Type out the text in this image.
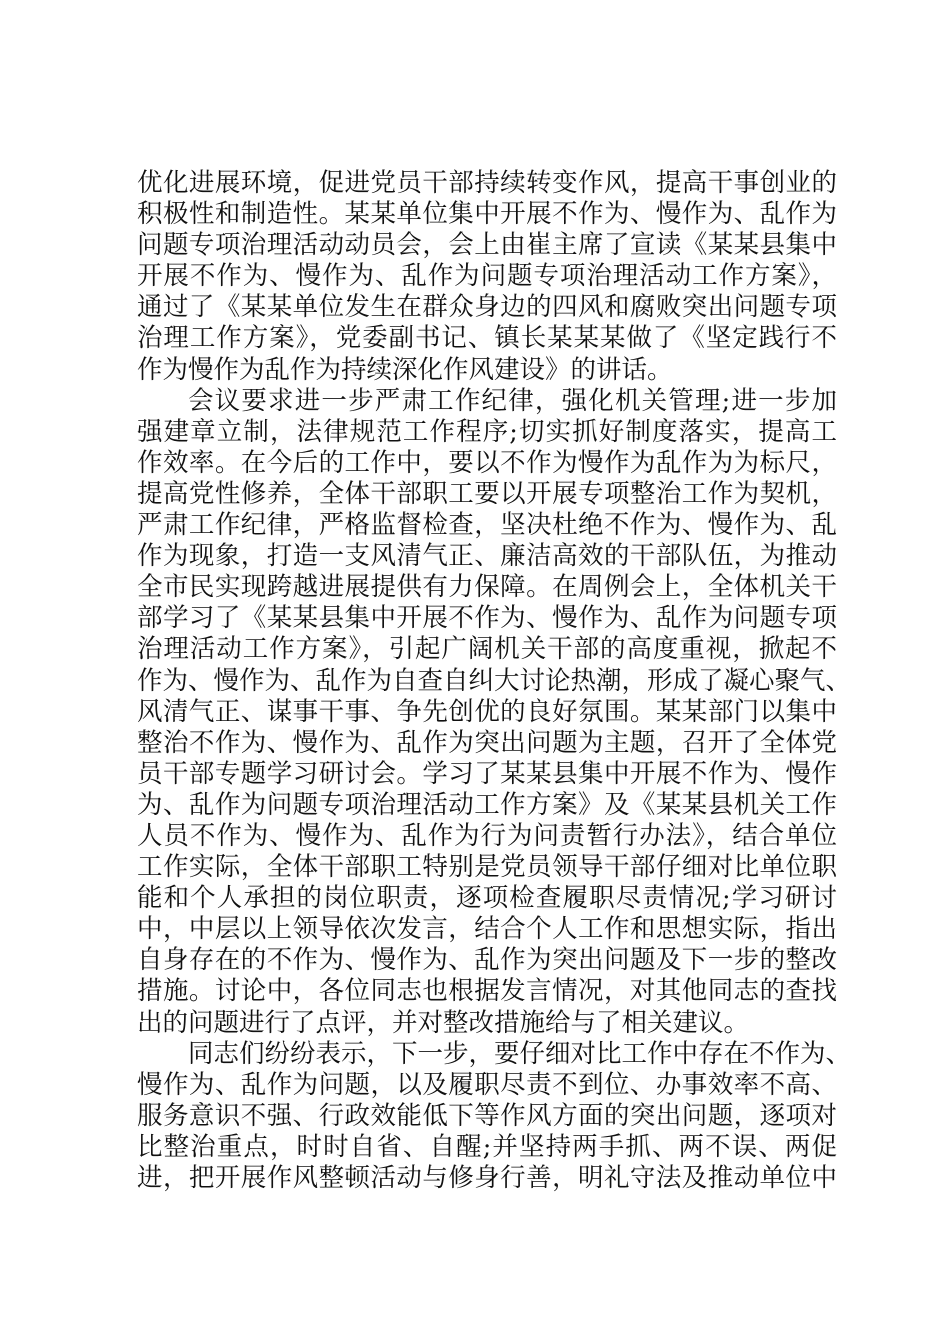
优化进展环境，促进党员干部持续转变作风，提高干事创业的
积极性和制造性。某某单位集中开展不作为、慢作为、乱作为
问题专项治理活动动员会，会上由崔主席了宣读《某某县集中
开展不作为、慢作为、乱作为问题专项治理活动工作方案》，
通过了《某某单位发生在群众身边的四风和腐败突出问题专项
治理工作方案》，党委副书记、镇长某某某做了《坚定践行不
作为慢作为乱作为持续深化作风建设》的讲话。
会议要求进一步严肃工作纪律，强化机关管理;进一步加
强建章立制，法律规范工作程序;切实抓好制度落实，提高工
作效率。在今后的工作中，要以不作为慢作为乱作为为标尺，
提高党性修养，全体干部职工要以开展专项整治工作为契机，
严肃工作纪律，严格监督检查，坚决杜绝不作为、慢作为、乱
作为现象，打造一支风清气正、廉洁高效的干部队伍，为推动
全市民实现跨越进展提供有力保障。在周例会上，全体机关干
部学习了《某某县集中开展不作为、慢作为、乱作为问题专项
治理活动工作方案》，引起广阔机关干部的高度重视，掀起不
作为、慢作为、乱作为自查自纠大讨论热潮，形成了凝心聚气、
风清气正、谋事干事、争先创优的良好氛围。某某部门以集中
整治不作为、慢作为、乱作为突出问题为主题，召开了全体党
员干部专题学习研讨会。学习了某某县集中开展不作为、慢作
为、乱作为问题专项治理活动工作方案》及《某某县机关工作
人员不作为、慢作为、乱作为行为问责暂行办法》，结合单位
工作实际，全体干部职工特别是党员领导干部仔细对比单位职
能和个人承担的岗位职责，逐项检查履职尽责情况;学习研讨
中，中层以上领导依次发言，结合个人工作和思想实际，指出
自身存在的不作为、慢作为、乱作为突出问题及下一步的整改
措施。讨论中，各位同志也根据发言情况，对其他同志的查找
出的问题进行了点评，并对整改措施给与了相关建议。
同志们纷纷表示，下一步，要仔细对比工作中存在不作为、
慢作为、乱作为问题，以及履职尽责不到位、办事效率不高、
服务意识不强、行政效能低下等作风方面的突出问题，逐项对
比整治重点，时时自省、自醒;并坚持两手抓、两不误、两促
进，把开展作风整顿活动与修身行善，明礼守法及推动单位中
